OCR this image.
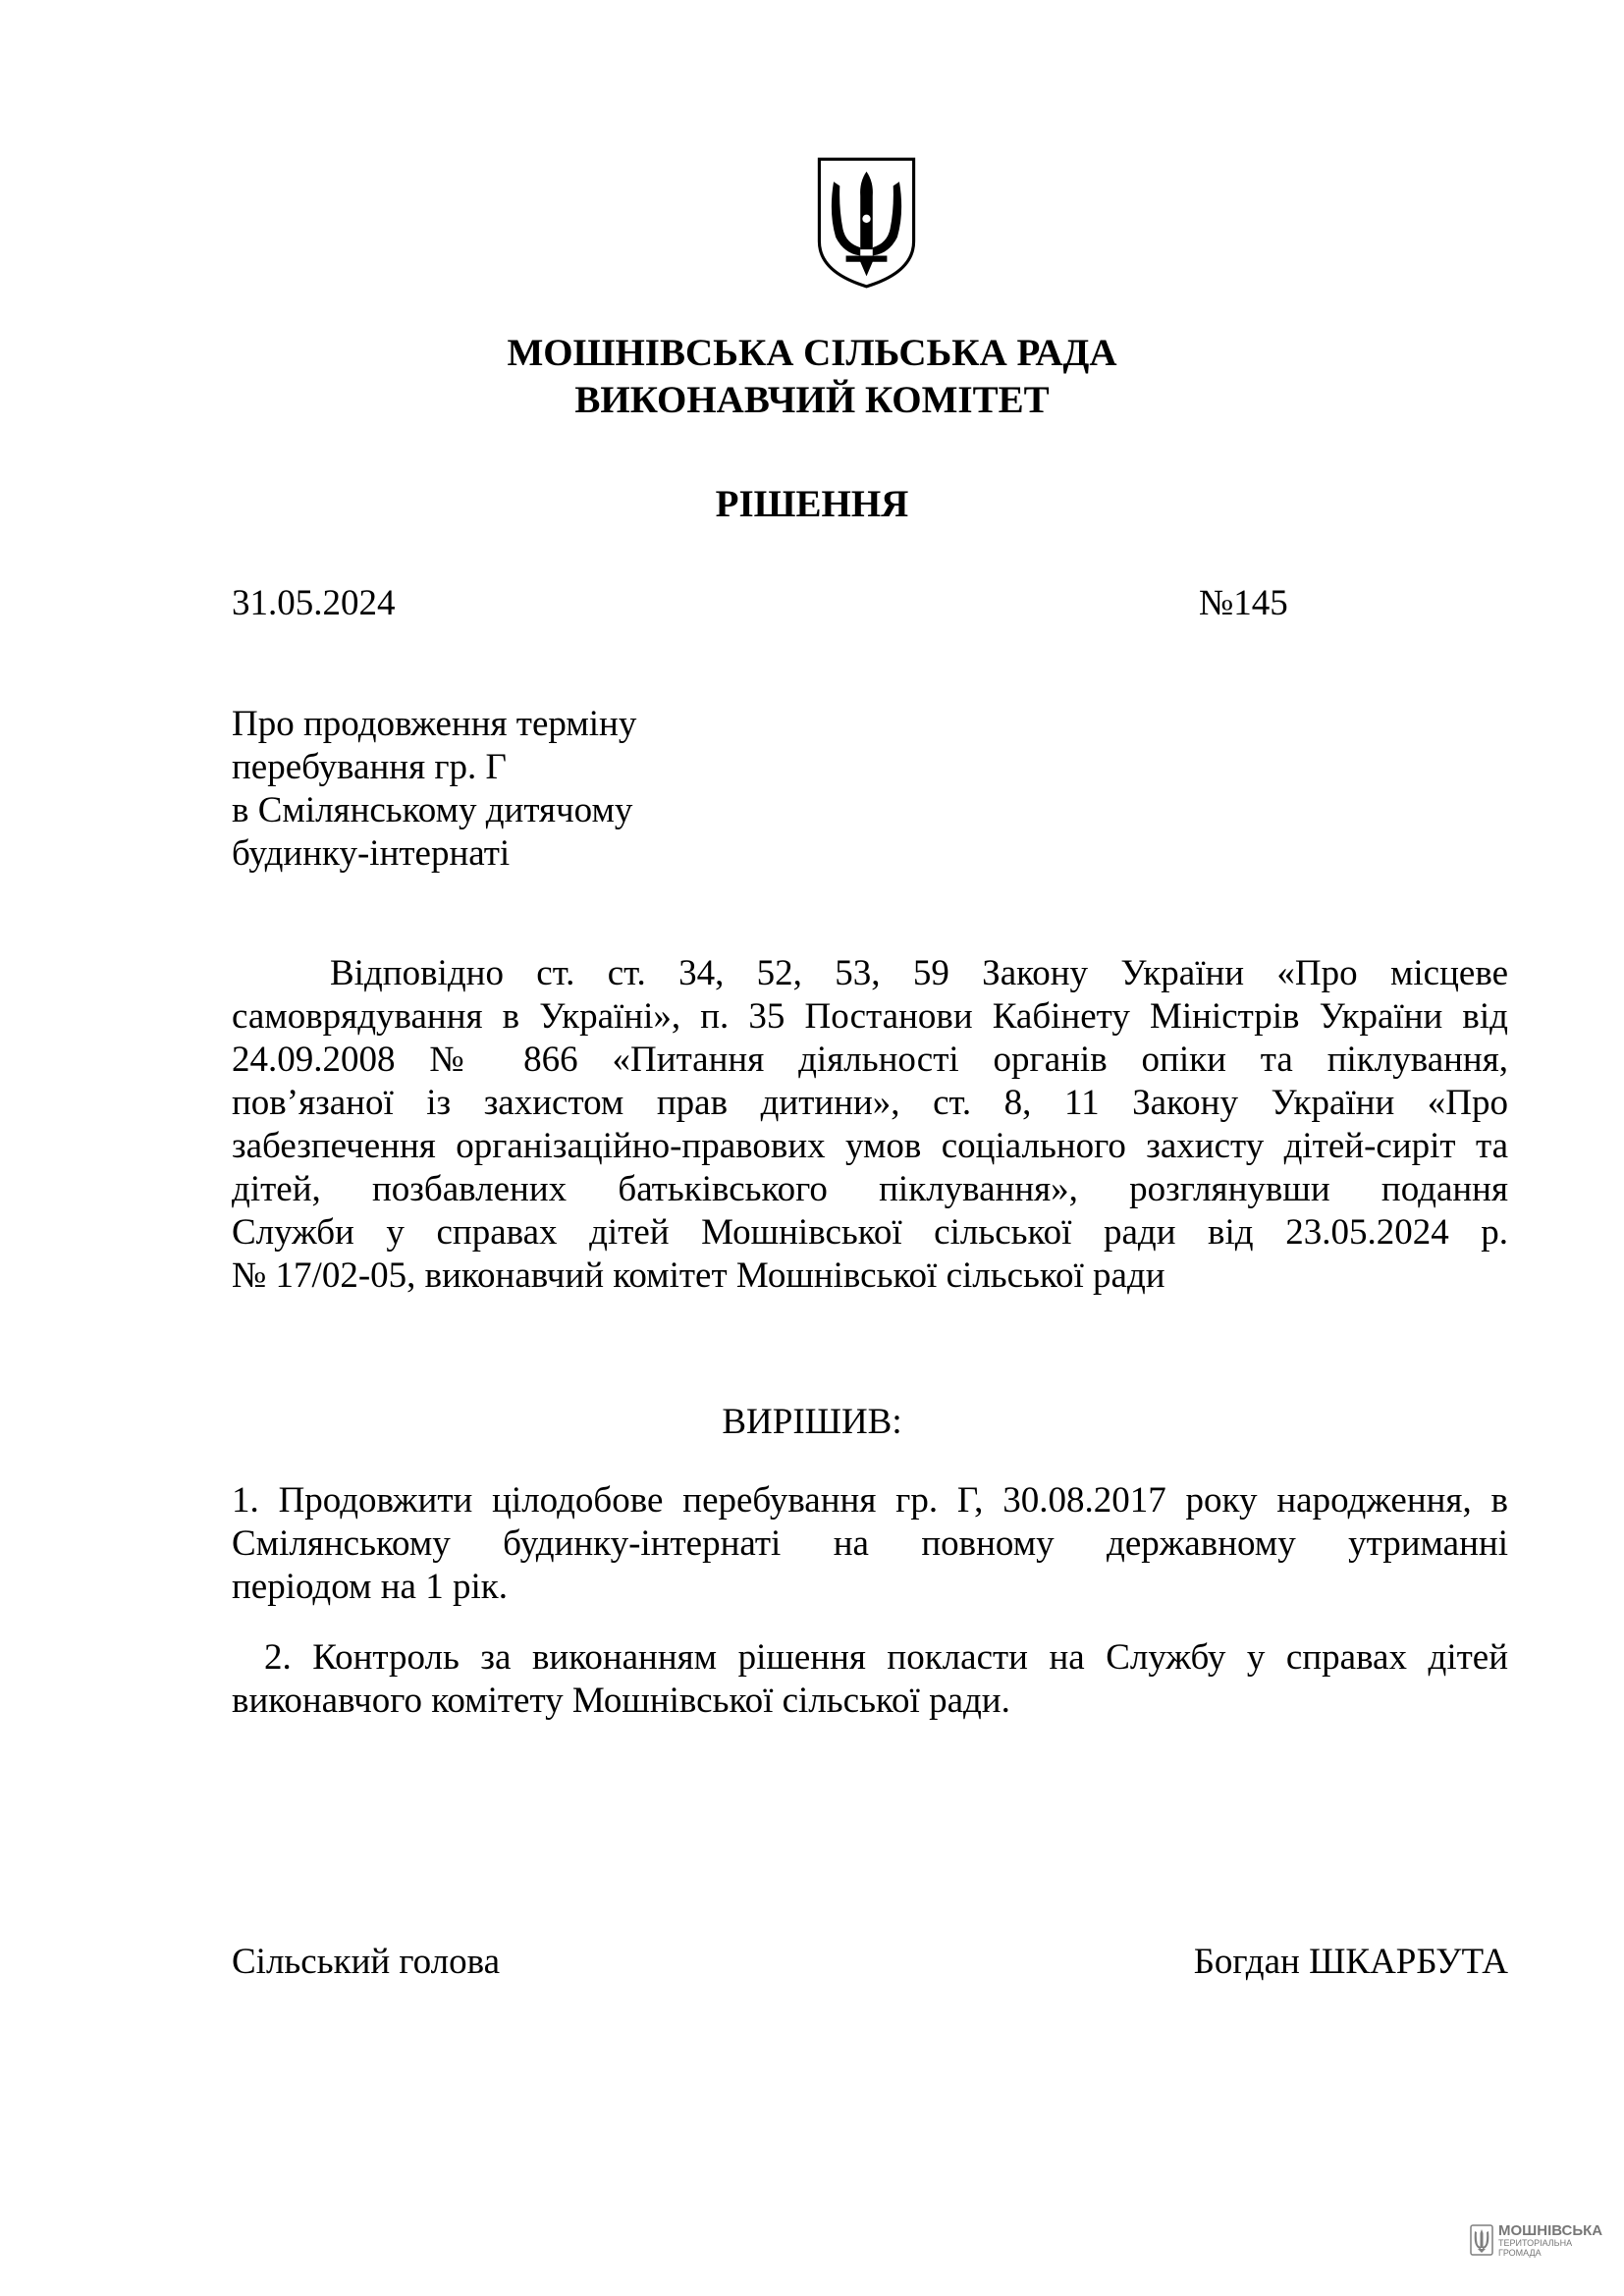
МОШНІВСЬКА СІЛЬСЬКА РАДА
ВИКОНАВЧИЙ КОМІТЕТ
РІШЕННЯ
31.05.2024	№145
Про продовження терміну
перебування гр. Г
в Смілянському дитячому
будинку-інтернаті
Відповідно ст. ст. 34, 52, 53, 59 Закону України «Про місцеве
самоврядування в Україні», п. 35 Постанови Кабінету Міністрів України від
24.09.2008 № 866 «Питання діяльності органів опіки та піклування,
пов’язаної із захистом прав дитини», ст. 8, 11 Закону України «Про
забезпечення організаційно-правових умов соціального захисту дітей-сиріт та
дітей, позбавлених батьківського піклування», розглянувши подання
Служби у справах дітей Мошнівської сільської ради від 23.05.2024 р.
№ 17/02-05, виконавчий комітет Мошнівської сільської ради
ВИРІШИВ:
1. Продовжити цілодобове перебування гр. Г, 30.08.2017 року народження, в
Смілянському будинку-інтернаті на повному державному утриманні
періодом на 1 рік.
2. Контроль за виконанням рішення покласти на Службу у справах дітей
виконавчого комітету Мошнівської сільської ради.
Сільський голова	Богдан ШКАРБУТА
МОШНІВСЬКА
ТЕРИТОРІАЛЬНА
ГРОМАДА
